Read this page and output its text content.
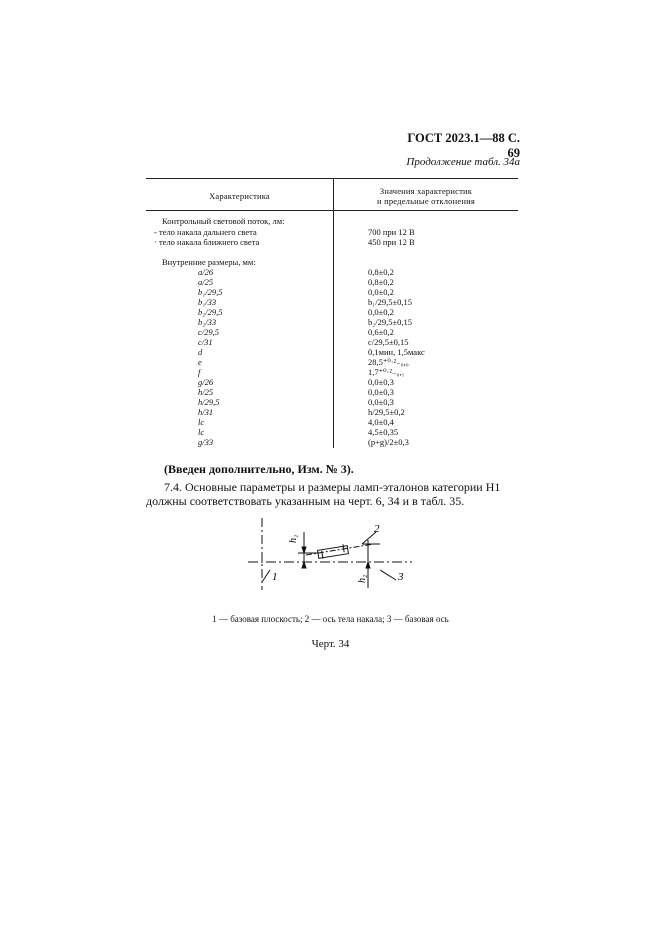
ГОСТ 2023.1—88 С. 69
Продолжение табл. 34а
Характеристика	Значения характеристик
и предельные отклонения
Контрольный световой поток, лм:
- тело накала дальнего света	700 при 12 В
· тело накала ближнего света	450 при 12 В
Внутренние размеры, мм:
a/26	0,8±0,2
a/25	0,8±0,2
b₁/29,5	0,0±0,2
b₁/33	b₁/29,5±0,15
b₂/29,5	0,0±0,2
b₂/33	b₂/29,5±0,15
c/29,5	0,6±0,2
c/31	c/29,5±0,15
d	0,1мин, 1,5макс
e	28,5⁺⁰·²₋₀,₀
f	1,7⁺⁰·²₋₀,₁
g/26	0,0±0,3
h/25	0,0±0,3
h/29,5	0,0±0,3
h/31	h/29,5±0,2
lc	4,0±0,4
lc	4,5±0,35
g/33	(p+g)/2±0,3
(Введен дополнительно, Изм. № 3).
7.4. Основные параметры и размеры ламп-эталонов категории H1
должны соответствовать указанным на черт. 6, 34 и в табл. 35.
h₁
h₂
1
2
3
1 — базовая плоскость; 2 — ось тела накала; 3 — базовая ось
Черт. 34
